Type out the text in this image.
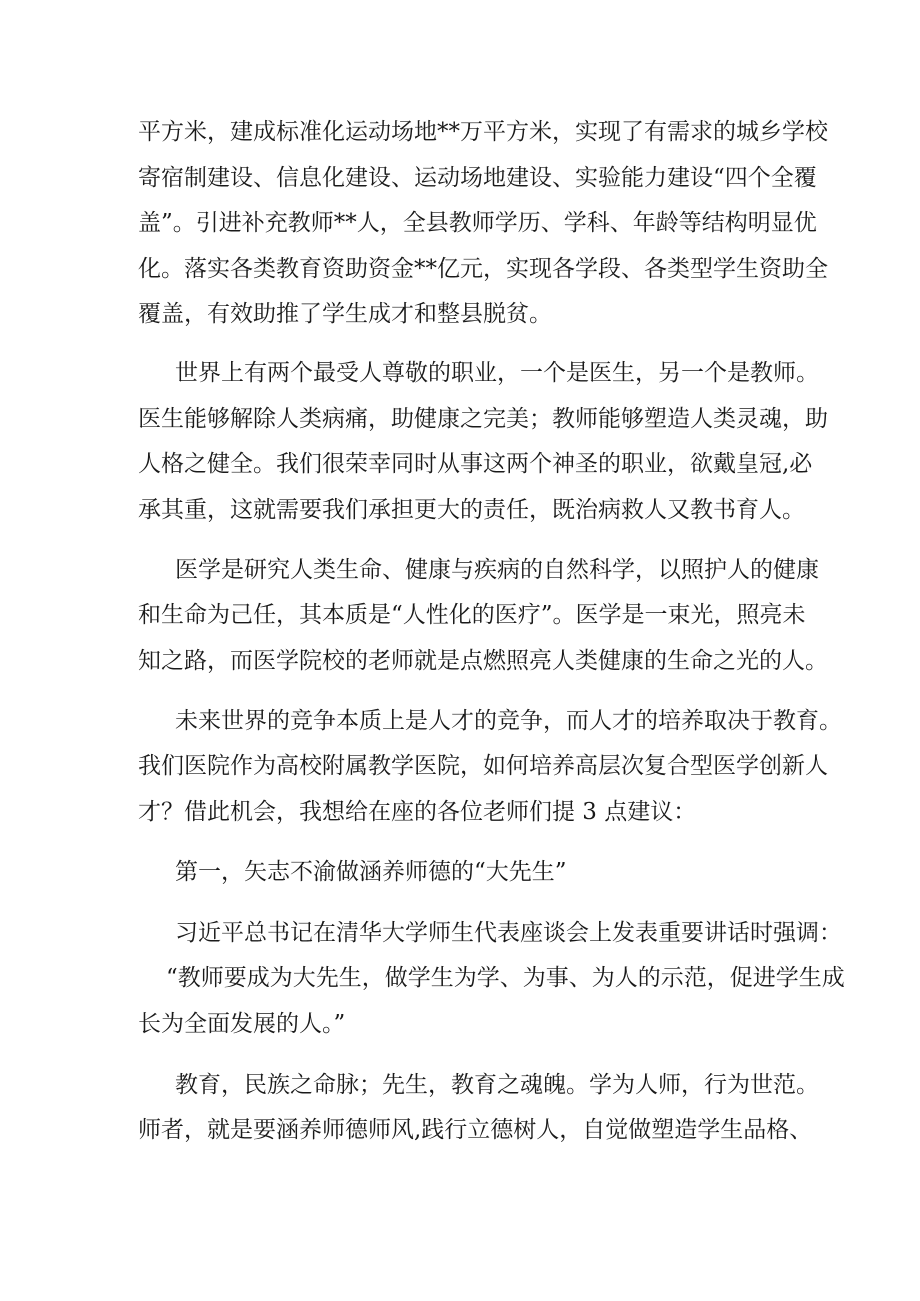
平方米，建成标准化运动场地**万平方米，实现了有需求的城乡学校
寄宿制建设、信息化建设、运动场地建设、实验能力建设“四个全覆
盖”。引进补充教师**人，全县教师学历、学科、年龄等结构明显优
化。落实各类教育资助资金**亿元，实现各学段、各类型学生资助全
覆盖，有效助推了学生成才和整县脱贫。
世界上有两个最受人尊敬的职业，一个是医生，另一个是教师。
医生能够解除人类病痛，助健康之完美；教师能够塑造人类灵魂，助
人格之健全。我们很荣幸同时从事这两个神圣的职业，欲戴皇冠,必
承其重，这就需要我们承担更大的责任，既治病救人又教书育人。
医学是研究人类生命、健康与疾病的自然科学，以照护人的健康
和生命为己任，其本质是“人性化的医疗”。医学是一束光，照亮未
知之路，而医学院校的老师就是点燃照亮人类健康的生命之光的人。
未来世界的竞争本质上是人才的竞争，而人才的培养取决于教育。
我们医院作为高校附属教学医院，如何培养高层次复合型医学创新人
才？借此机会，我想给在座的各位老师们提 3 点建议：
第一，矢志不渝做涵养师德的“大先生”
习近平总书记在清华大学师生代表座谈会上发表重要讲话时强调：
“教师要成为大先生，做学生为学、为事、为人的示范，促进学生成
长为全面发展的人。”
教育，民族之命脉；先生，教育之魂魄。学为人师，行为世范。
师者，就是要涵养师德师风,践行立德树人，自觉做塑造学生品格、
